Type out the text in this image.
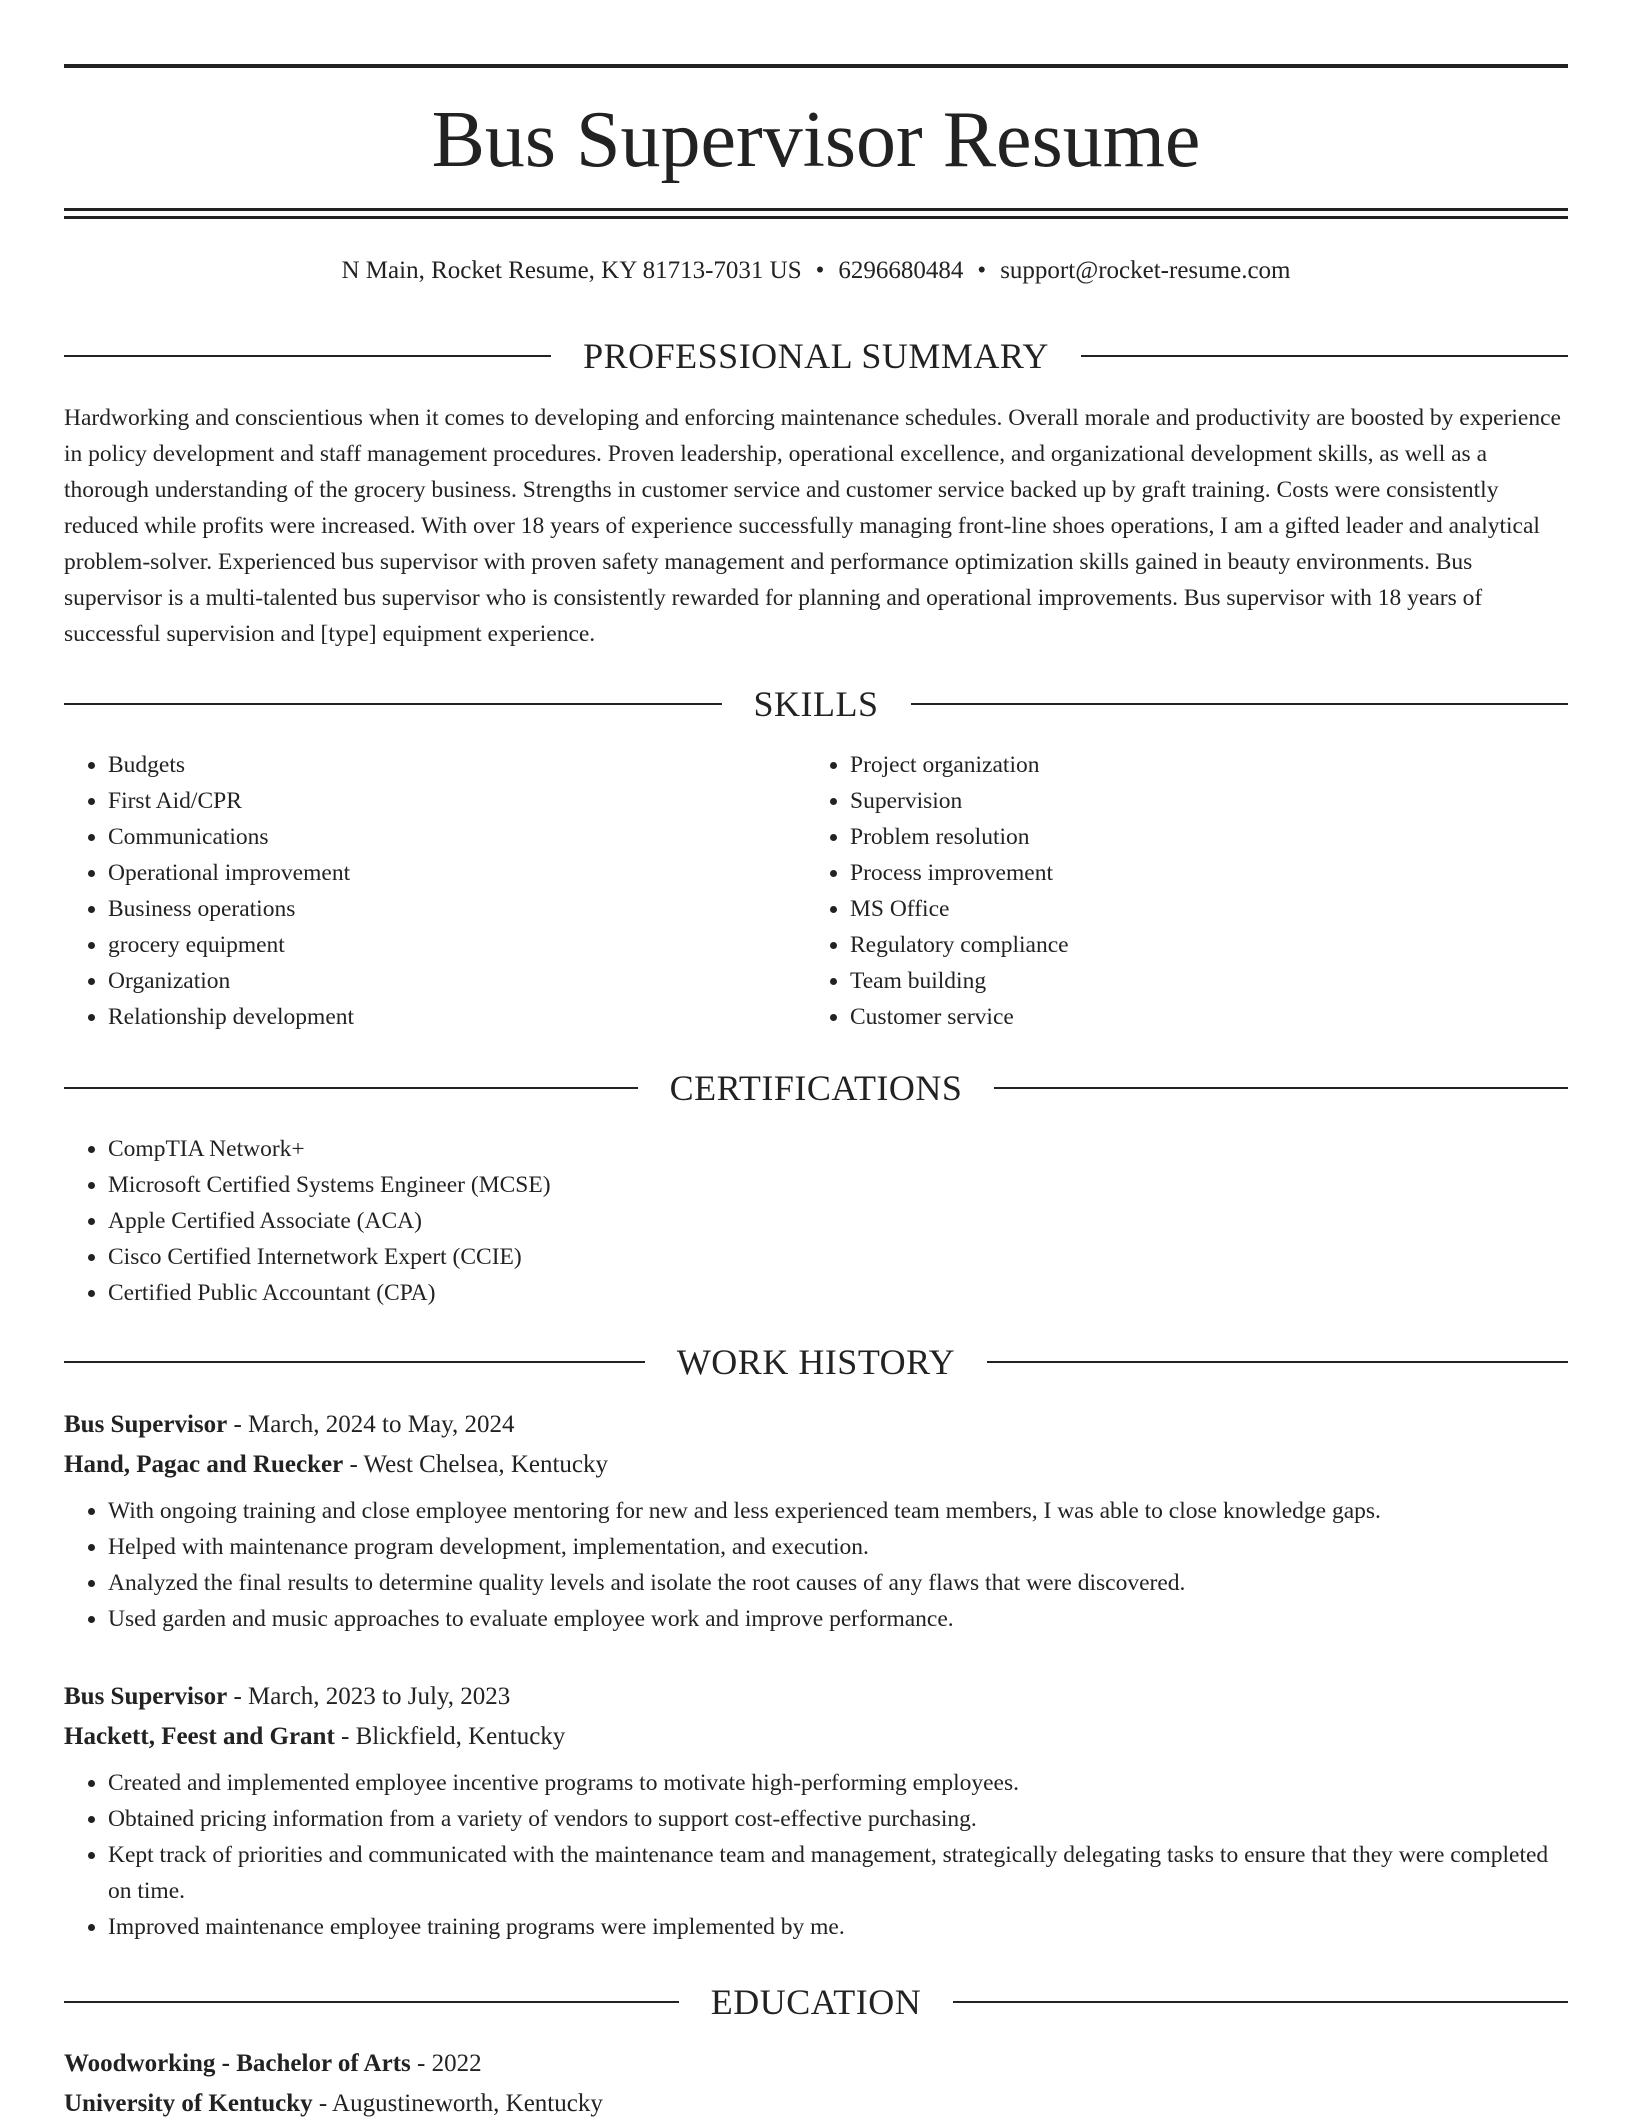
Bus Supervisor Resume
N Main, Rocket Resume, KY 81713-7031 US • 6296680484 • support@rocket-resume.com
PROFESSIONAL SUMMARY

Hardworking and conscientious when it comes to developing and enforcing maintenance schedules. Overall morale and productivity are boosted by experience in policy development and staff management procedures. Proven leadership, operational excellence, and organizational development skills, as well as a thorough understanding of the grocery business. Strengths in customer service and customer service backed up by graft training. Costs were consistently reduced while profits were increased. With over 18 years of experience successfully managing front-line shoes operations, I am a gifted leader and analytical problem-solver. Experienced bus supervisor with proven safety management and performance optimization skills gained in beauty environments. Bus supervisor is a multi-talented bus supervisor who is consistently rewarded for planning and operational improvements. Bus supervisor with 18 years of successful supervision and [type] equipment experience.

SKILLS
• Budgets
• First Aid/CPR
• Communications
• Operational improvement
• Business operations
• grocery equipment
• Organization
• Relationship development
• Project organization
• Supervision
• Problem resolution
• Process improvement
• MS Office
• Regulatory compliance
• Team building
• Customer service
CERTIFICATIONS
• CompTIA Network+
• Microsoft Certified Systems Engineer (MCSE)
• Apple Certified Associate (ACA)
• Cisco Certified Internetwork Expert (CCIE)
• Certified Public Accountant (CPA)
WORK HISTORY

Bus Supervisor - March, 2024 to May, 2024

Hand, Pagac and Ruecker - West Chelsea, Kentucky

• With ongoing training and close employee mentoring for new and less experienced team members, I was able to close knowledge gaps.
• Helped with maintenance program development, implementation, and execution.
• Analyzed the final results to determine quality levels and isolate the root causes of any flaws that were discovered.
• Used garden and music approaches to evaluate employee work and improve performance.

Bus Supervisor - March, 2023 to July, 2023

Hackett, Feest and Grant - Blickfield, Kentucky

• Created and implemented employee incentive programs to motivate high-performing employees.
• Obtained pricing information from a variety of vendors to support cost-effective purchasing.
• Kept track of priorities and communicated with the maintenance team and management, strategically delegating tasks to ensure that they were completed on time.
• Improved maintenance employee training programs were implemented by me.
EDUCATION

Woodworking - Bachelor of Arts - 2022

University of Kentucky - Augustineworth, Kentucky
